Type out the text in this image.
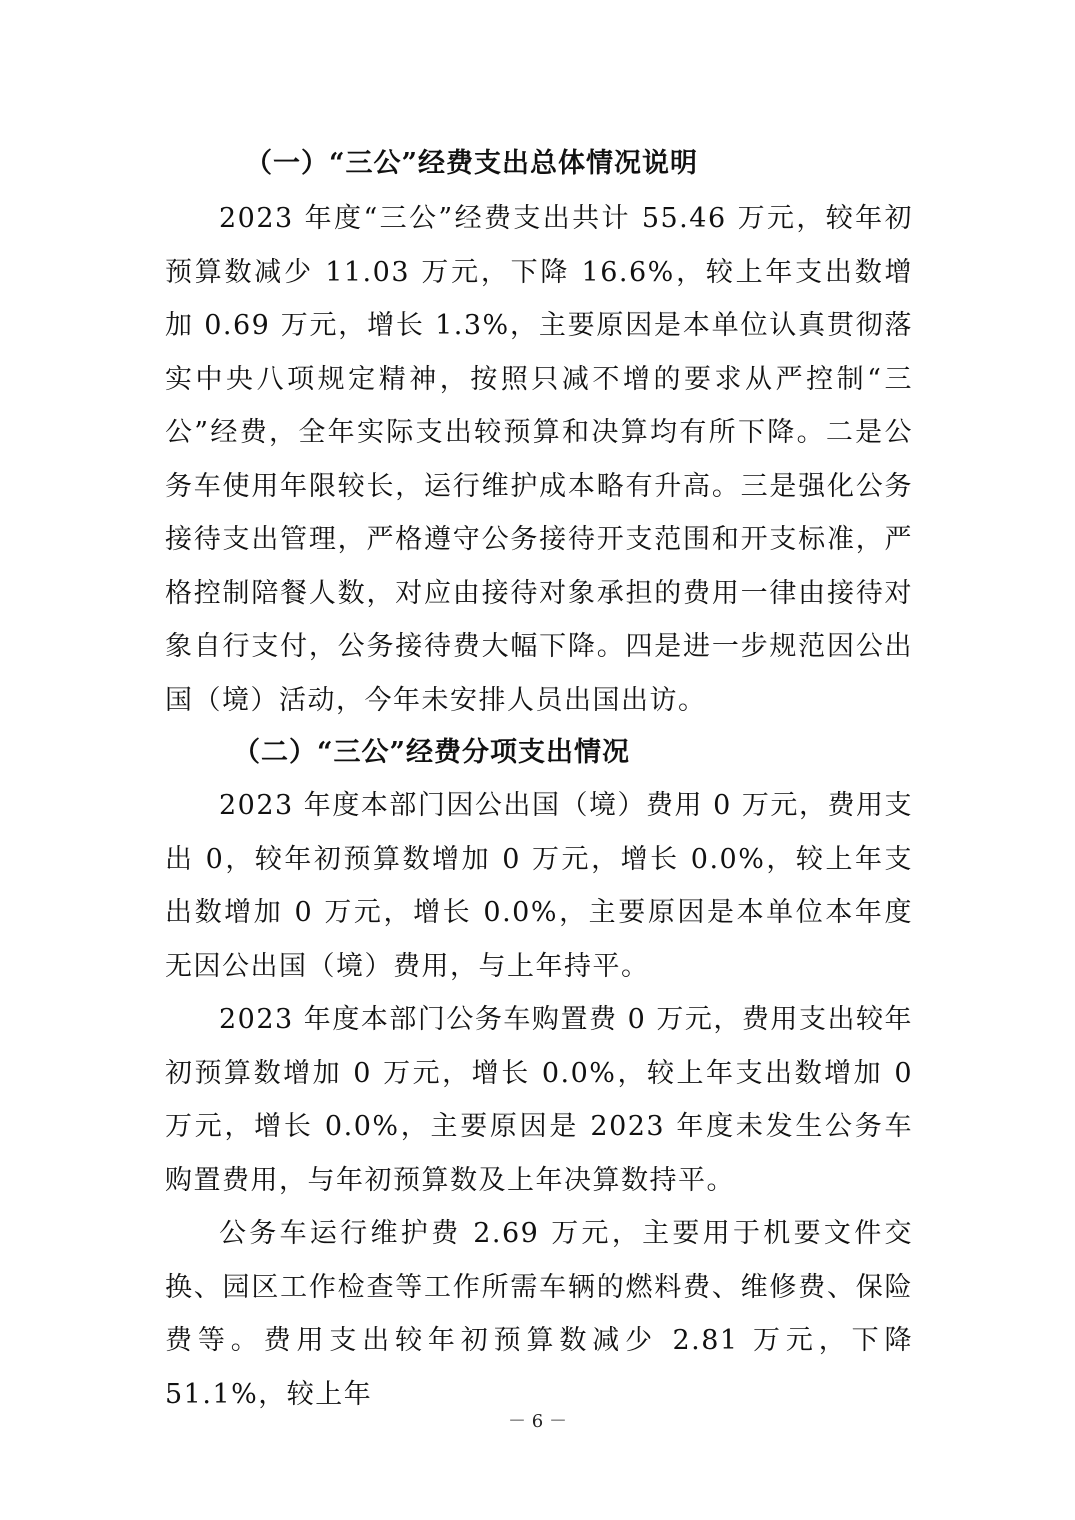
（一）“三公”经费支出总体情况说明

2023 年度“三公”经费支出共计 55.46 万元，较年初预算数减少 11.03 万元，下降 16.6%，较上年支出数增加 0.69 万元，增长 1.3%，主要原因是本单位认真贯彻落实中央八项规定精神，按照只减不增的要求从严控制“三公”经费，全年实际支出较预算和决算均有所下降。二是公务车使用年限较长，运行维护成本略有升高。三是强化公务接待支出管理，严格遵守公务接待开支范围和开支标准，严格控制陪餐人数，对应由接待对象承担的费用一律由接待对象自行支付，公务接待费大幅下降。四是进一步规范因公出国（境）活动，今年未安排人员出国出访。

（二）“三公”经费分项支出情况

2023 年度本部门因公出国（境）费用 0 万元，费用支出 0，较年初预算数增加 0 万元，增长 0.0%，较上年支出数增加 0 万元，增长 0.0%，主要原因是本单位本年度无因公出国（境）费用，与上年持平。

2023 年度本部门公务车购置费 0 万元，费用支出较年初预算数增加 0 万元，增长 0.0%，较上年支出数增加 0 万元，增长 0.0%，主要原因是 2023 年度未发生公务车购置费用，与年初预算数及上年决算数持平。

公务车运行维护费 2.69 万元，主要用于机要文件交换、园区工作检查等工作所需车辆的燃料费、维修费、保险费等。费用支出较年初预算数减少 2.81 万元，下降 51.1%，较上年

－ 6 －
